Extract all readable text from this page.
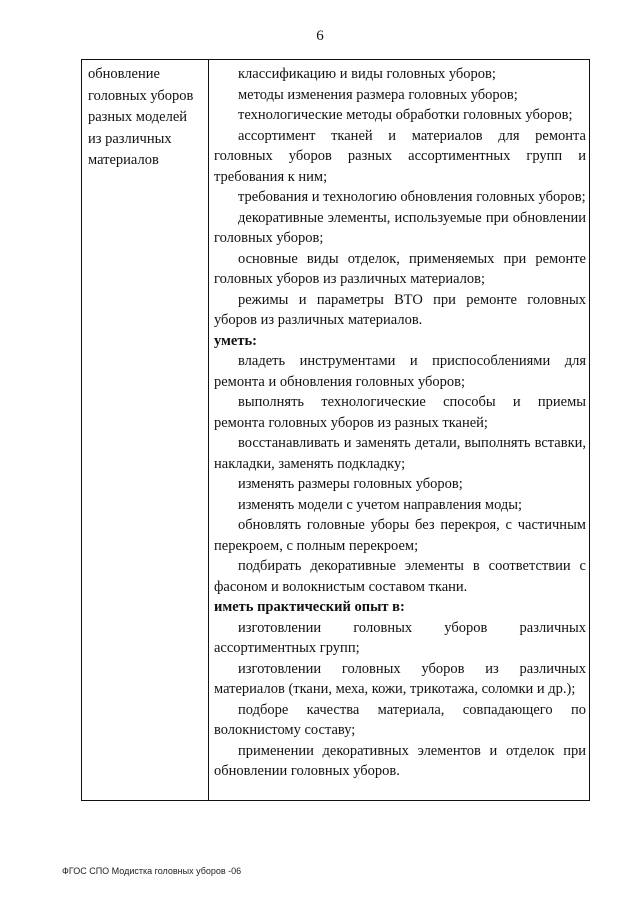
6
обновление
головных уборов
разных моделей
из различных
материалов

классификацию и виды головных уборов;

методы изменения размера головных уборов;

технологические методы обработки головных уборов;

ассортимент тканей и материалов для ремонта головных уборов разных ассортиментных групп и требования к ним;

требования и технологию обновления головных уборов;

декоративные элементы, используемые при обновлении головных уборов;

основные виды отделок, применяемых при ремонте головных уборов из различных материалов;

режимы и параметры ВТО при ремонте головных уборов из различных материалов.

уметь:

владеть инструментами и приспособлениями для ремонта и обновления головных уборов;

выполнять технологические способы и приемы ремонта головных уборов из разных тканей;

восстанавливать и заменять детали, выполнять вставки, накладки, заменять подкладку;

изменять размеры головных уборов;

изменять модели с учетом направления моды;

обновлять головные уборы без перекроя, с частичным перекроем, с полным перекроем;

подбирать декоративные элементы в соответствии с фасоном и волокнистым составом ткани.

иметь практический опыт в:

изготовлении головных уборов различных ассортиментных групп;

изготовлении головных уборов из различных материалов (ткани, меха, кожи, трикотажа, соломки и др.);

подборе качества материала, совпадающего по волокнистому составу;

применении декоративных элементов и отделок при обновлении головных уборов.

ФГОС СПО Модистка головных уборов -06
